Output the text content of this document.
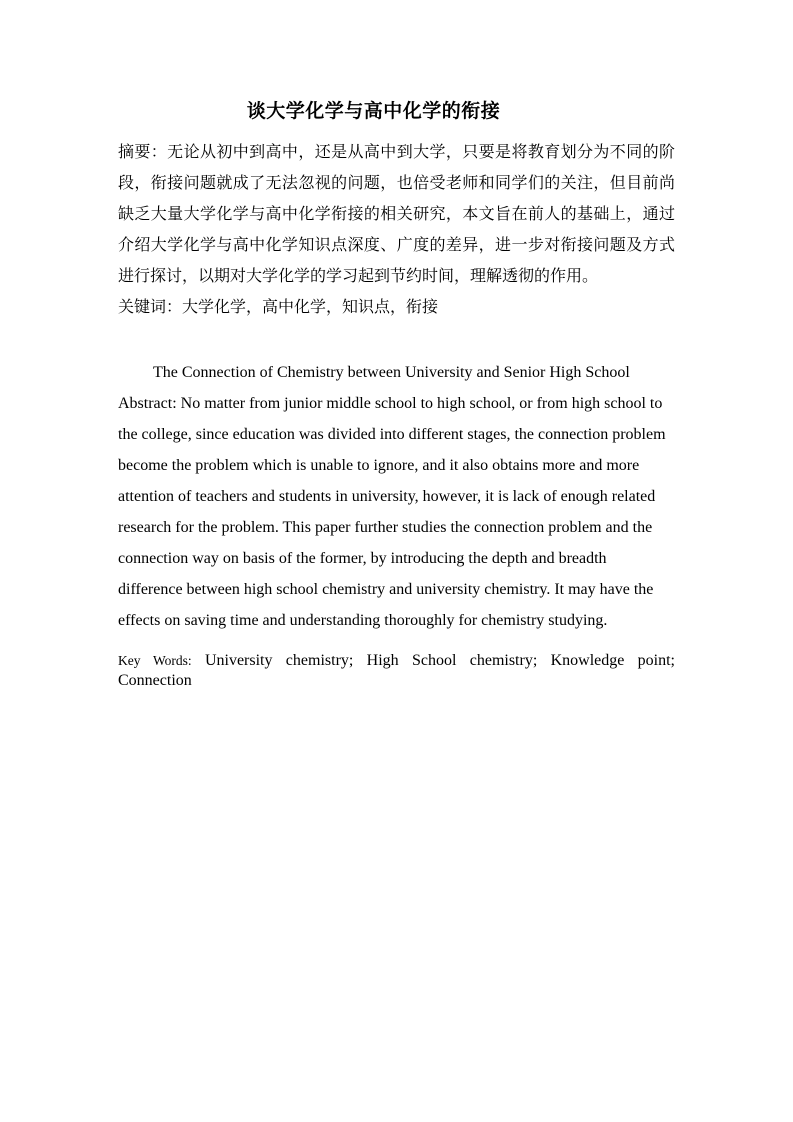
谈大学化学与高中化学的衔接

摘要：无论从初中到高中，还是从高中到大学，只要是将教育划分为不同的阶段，衔接问题就成了无法忽视的问题，也倍受老师和同学们的关注，但目前尚缺乏大量大学化学与高中化学衔接的相关研究，本文旨在前人的基础上，通过介绍大学化学与高中化学知识点深度、广度的差异，进一步对衔接问题及方式进行探讨，以期对大学化学的学习起到节约时间，理解透彻的作用。

关键词：大学化学，高中化学，知识点，衔接

The Connection of Chemistry between University and Senior High School

Abstract: No matter from junior middle school to high school, or from high school to the college, since education was divided into different stages, the connection problem become the problem which is unable to ignore, and it also obtains more and more attention of teachers and students in university, however, it is lack of enough related research for the problem. This paper further studies the connection problem and the connection way on basis of the former, by introducing the depth and breadth difference between high school chemistry and university chemistry. It may have the effects on saving time and understanding thoroughly for chemistry studying.

Key Words: University chemistry; High School chemistry; Knowledge point; Connection
